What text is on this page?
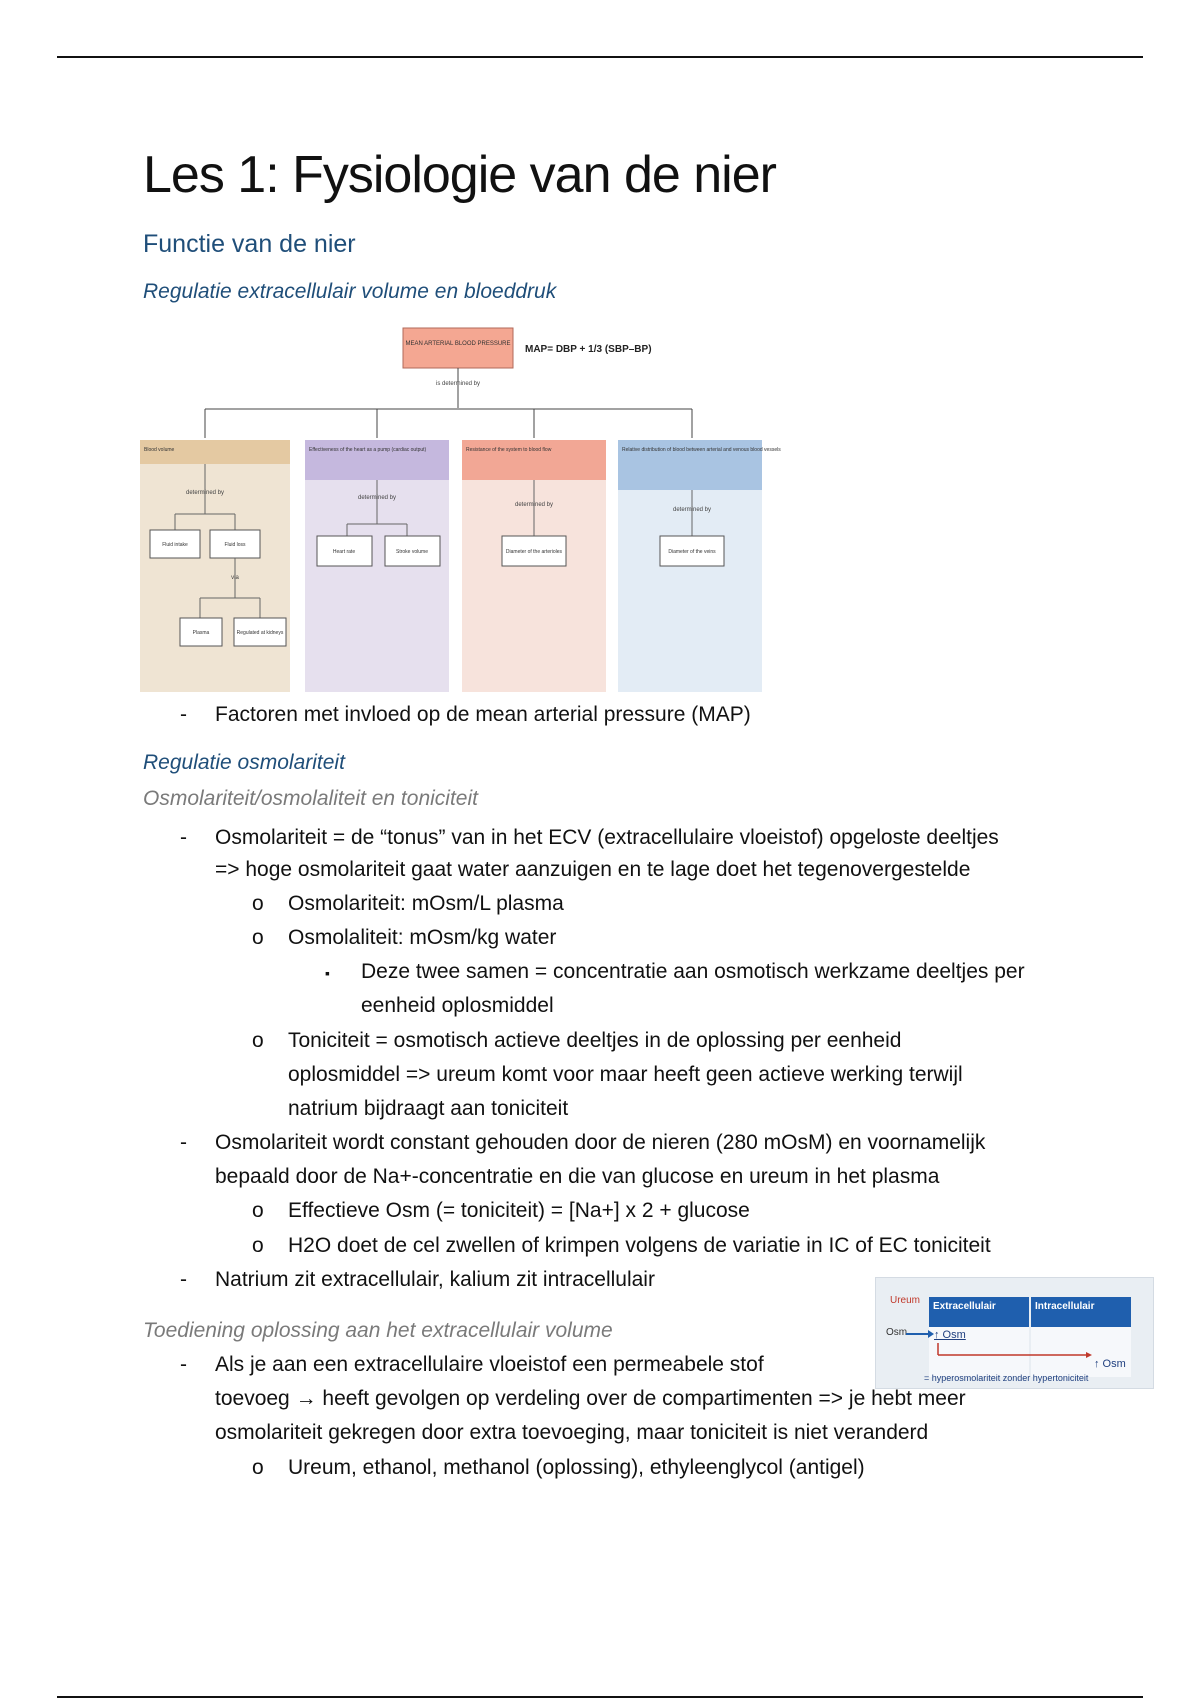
Les 1: Fysiologie van de nier
Functie van de nier
Regulatie extracellulair volume en bloeddruk
MEAN ARTERIAL BLOOD PRESSURE MAP= DBP + 1/3 (SBP–BP)
is determined by
Blood volume	Effectiveness of the heart as a pump (cardiac output)	Resistance of the system to blood flow	Relative distribution of blood between arterial and venous blood vessels
determined by
Fluid intake	Fluid loss
via
Plasma	Regulated at kidneys
determined by
Heart rate	Stroke volume
determined by
Diameter of the arterioles
determined by
Diameter of the veins
- Factoren met invloed op de mean arterial pressure (MAP)
Regulatie osmolariteit
Osmolariteit/osmolaliteit en toniciteit
- Osmolariteit = de “tonus” van in het ECV (extracellulaire vloeistof) opgeloste deeltjes
=> hoge osmolariteit gaat water aanzuigen en te lage doet het tegenovergestelde
o Osmolariteit: mOsm/L plasma
o Osmolaliteit: mOsm/kg water
▪ Deze twee samen = concentratie aan osmotisch werkzame deeltjes per
eenheid oplosmiddel
o Toniciteit = osmotisch actieve deeltjes in de oplossing per eenheid
oplosmiddel => ureum komt voor maar heeft geen actieve werking terwijl
natrium bijdraagt aan toniciteit
- Osmolariteit wordt constant gehouden door de nieren (280 mOsM) en voornamelijk
bepaald door de Na+-concentratie en die van glucose en ureum in het plasma
o Effectieve Osm (= toniciteit) = [Na+] x 2 + glucose
o H2O doet de cel zwellen of krimpen volgens de variatie in IC of EC toniciteit
- Natrium zit extracellulair, kalium zit intracellulair
Ureum
Osm
Extracellulair	Intracellulair
↑ Osm
↑ Osm
= hyperosmolariteit zonder hypertoniciteit
Toediening oplossing aan het extracellulair volume
- Als je aan een extracellulaire vloeistof een permeabele stof
toevoeg → heeft gevolgen op verdeling over de compartimenten => je hebt meer
osmolariteit gekregen door extra toevoeging, maar toniciteit is niet veranderd
o Ureum, ethanol, methanol (oplossing), ethyleenglycol (antigel)
